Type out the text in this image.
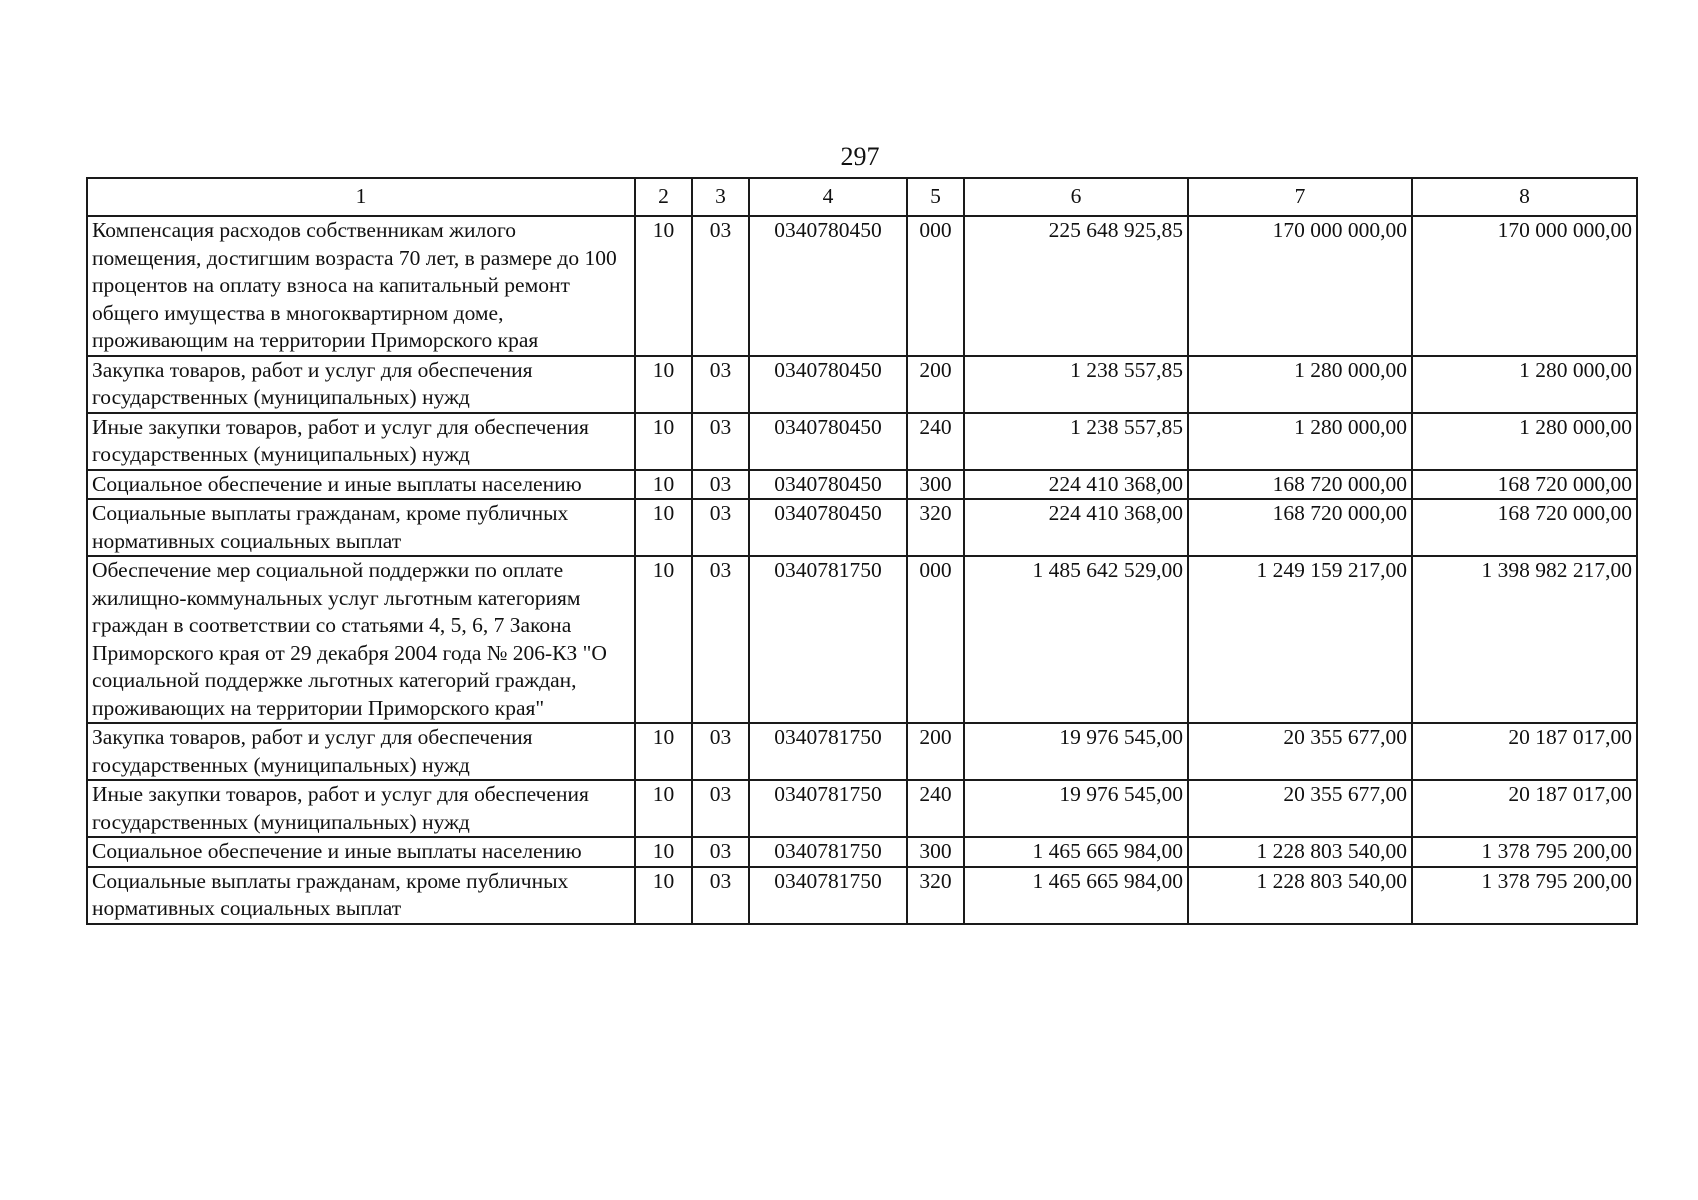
297
1	2	3	4	5	6	7	8
Компенсация расходов собственникам жилого помещения, достигшим возраста 70 лет, в размере до 100 процентов на оплату взноса на капитальный ремонт общего имущества в многоквартирном доме, проживающим на территории Приморского края	10	03	0340780450	000	225 648 925,85	170 000 000,00	170 000 000,00
Закупка товаров, работ и услуг для обеспечения государственных (муниципальных) нужд	10	03	0340780450	200	1 238 557,85	1 280 000,00	1 280 000,00
Иные закупки товаров, работ и услуг для обеспечения государственных (муниципальных) нужд	10	03	0340780450	240	1 238 557,85	1 280 000,00	1 280 000,00
Социальное обеспечение и иные выплаты населению	10	03	0340780450	300	224 410 368,00	168 720 000,00	168 720 000,00
Социальные выплаты гражданам, кроме публичных нормативных социальных выплат	10	03	0340780450	320	224 410 368,00	168 720 000,00	168 720 000,00
Обеспечение мер социальной поддержки по оплате жилищно-коммунальных услуг льготным категориям граждан в соответствии со статьями 4, 5, 6, 7 Закона Приморского края от 29 декабря 2004 года № 206-КЗ "О социальной поддержке льготных категорий граждан, проживающих на территории Приморского края"	10	03	0340781750	000	1 485 642 529,00	1 249 159 217,00	1 398 982 217,00
Закупка товаров, работ и услуг для обеспечения государственных (муниципальных) нужд	10	03	0340781750	200	19 976 545,00	20 355 677,00	20 187 017,00
Иные закупки товаров, работ и услуг для обеспечения государственных (муниципальных) нужд	10	03	0340781750	240	19 976 545,00	20 355 677,00	20 187 017,00
Социальное обеспечение и иные выплаты населению	10	03	0340781750	300	1 465 665 984,00	1 228 803 540,00	1 378 795 200,00
Социальные выплаты гражданам, кроме публичных нормативных социальных выплат	10	03	0340781750	320	1 465 665 984,00	1 228 803 540,00	1 378 795 200,00
